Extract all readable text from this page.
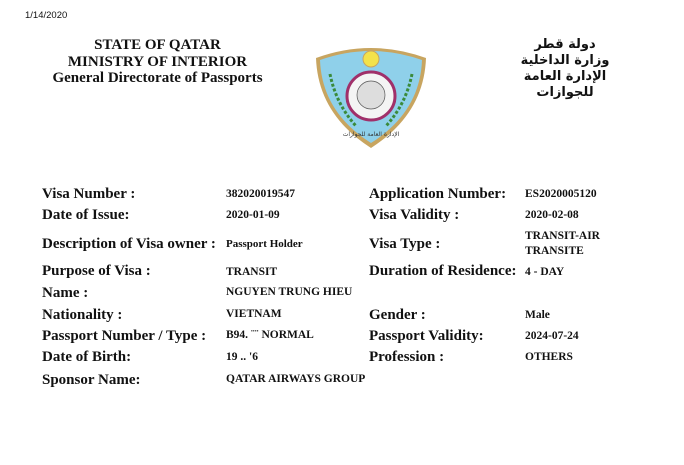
1/14/2020
STATE OF QATAR
MINISTRY OF INTERIOR
General Directorate of Passports
الإدارة العامة للجوازات
دولة قطر
وزارة الداخلية
الإدارة العامة للجوازات
Visa Number :	382020019547	Application Number: ES2020005120
Date of Issue:	2020-01-09	Visa Validity :	2020-02-08
Description of Visa owner : Passport Holder	Visa Type :	TRANSIT-AIR
TRANSITE
Purpose of Visa :	TRANSIT	Duration of Residence: 4 - DAY
Name :	NGUYEN TRUNG HIEU
Nationality :	VIETNAM	Gender :	Male
Passport Number / Type : B94. ¨¨ NORMAL	Passport Validity:	2024-07-24
Date of Birth:	19 .. '6	Profession :	OTHERS
Sponsor Name:	QATAR AIRWAYS GROUP
